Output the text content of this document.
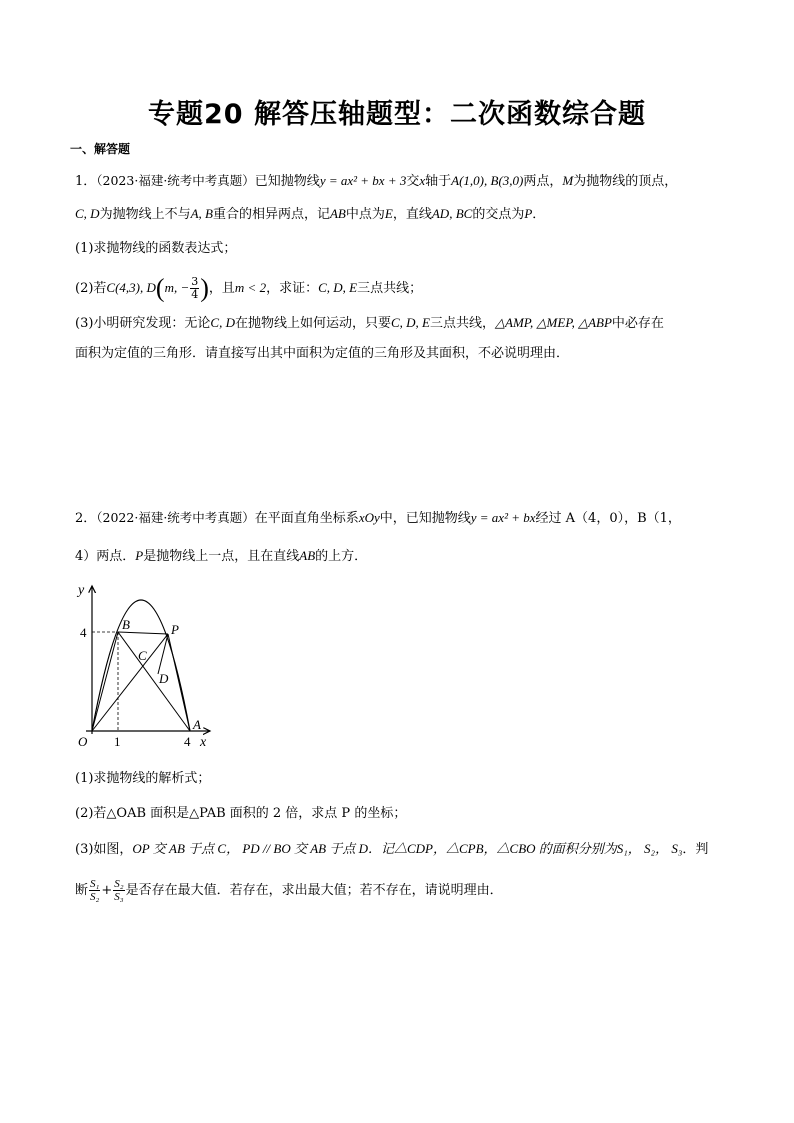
专题20 解答压轴题型：二次函数综合题
一、解答题
1．（2023·福建·统考中考真题）已知抛物线y = ax² + bx + 3交x轴于A(1,0), B(3,0)两点，M为抛物线的顶点，
C, D为抛物线上不与A, B重合的相异两点，记AB中点为E，直线AD, BC的交点为P．
(1)求抛物线的函数表达式；
(2)若C(4,3), D(m, − $\frac{3}{4}$ )，且m < 2，求证：C, D, E三点共线；
(3)小明研究发现：无论C, D在抛物线上如何运动，只要C, D, E三点共线，△AMP, △MEP, △ABP中必存在
面积为定值的三角形．请直接写出其中面积为定值的三角形及其面积，不必说明理由．
2．（2022·福建·统考中考真题）在平面直角坐标系xOy中，已知抛物线y = ax² + bx经过 A（4，0），B（1，
4）两点．P是抛物线上一点，且在直线AB的上方．
y
x
O
4
1	4
B	P
C
D
A
(1)求抛物线的解析式；
(2)若△OAB 面积是△PAB 面积的 2 倍，求点 P 的坐标；
(3)如图，OP 交 AB 于点 C， PD // BO 交 AB 于点 D．记△CDP，△CPB，△CBO 的面积分别为S₁， S₂， S₃．判
断 $\frac{\text{S₁}}{\text{S₂}} + \frac{\text{S₂}}{\text{S₃}}$ 是否存在最大值．若存在，求出最大值；若不存在，请说明理由．
